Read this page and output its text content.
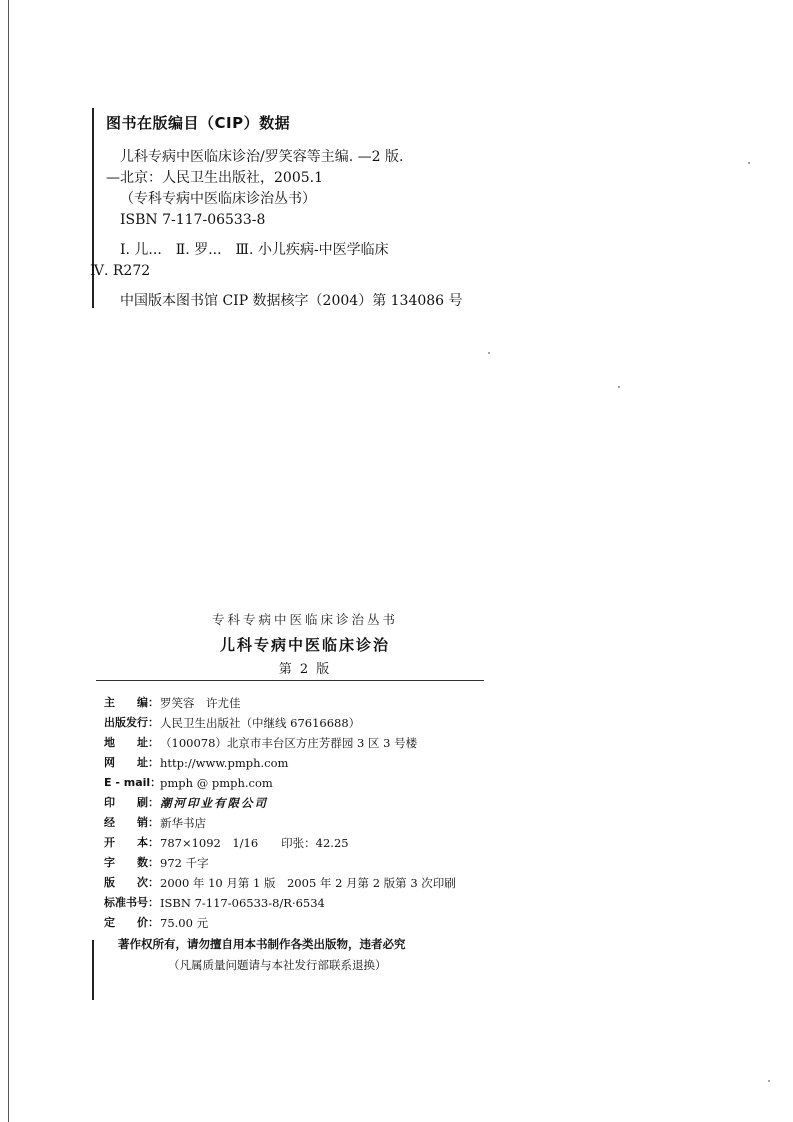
图书在版编目（CIP）数据
儿科专病中医临床诊治/罗笑容等主编. —2 版.
—北京：人民卫生出版社，2005.1
（专科专病中医临床诊治丛书）
ISBN 7-117-06533-8
Ⅰ. 儿...　Ⅱ. 罗...　Ⅲ. 小儿疾病-中医学临床
Ⅳ. R272
中国版本图书馆 CIP 数据核字（2004）第 134086 号
专科专病中医临床诊治丛书
儿科专病中医临床诊治
第 2 版
主　　编： 罗笑容　许尤佳
出版发行： 人民卫生出版社（中继线 67616688）
地　　址： （100078）北京市丰台区方庄芳群园 3 区 3 号楼
网　　址： http://www.pmph.com
E - mail：
pmph @ pmph.com
印　　刷： 潮河印业有限公司
经　　销： 新华书店
开　　本： 787×1092　1/16　　印张：42.25
字　　数： 972 千字
版　　次： 2000 年 10 月第 1 版　2005 年 2 月第 2 版第 3 次印刷
标准书号： ISBN 7-117-06533-8/R·6534
定　　价： 75.00 元
著作权所有，请勿擅自用本书制作各类出版物，违者必究
（凡属质量问题请与本社发行部联系退换）
